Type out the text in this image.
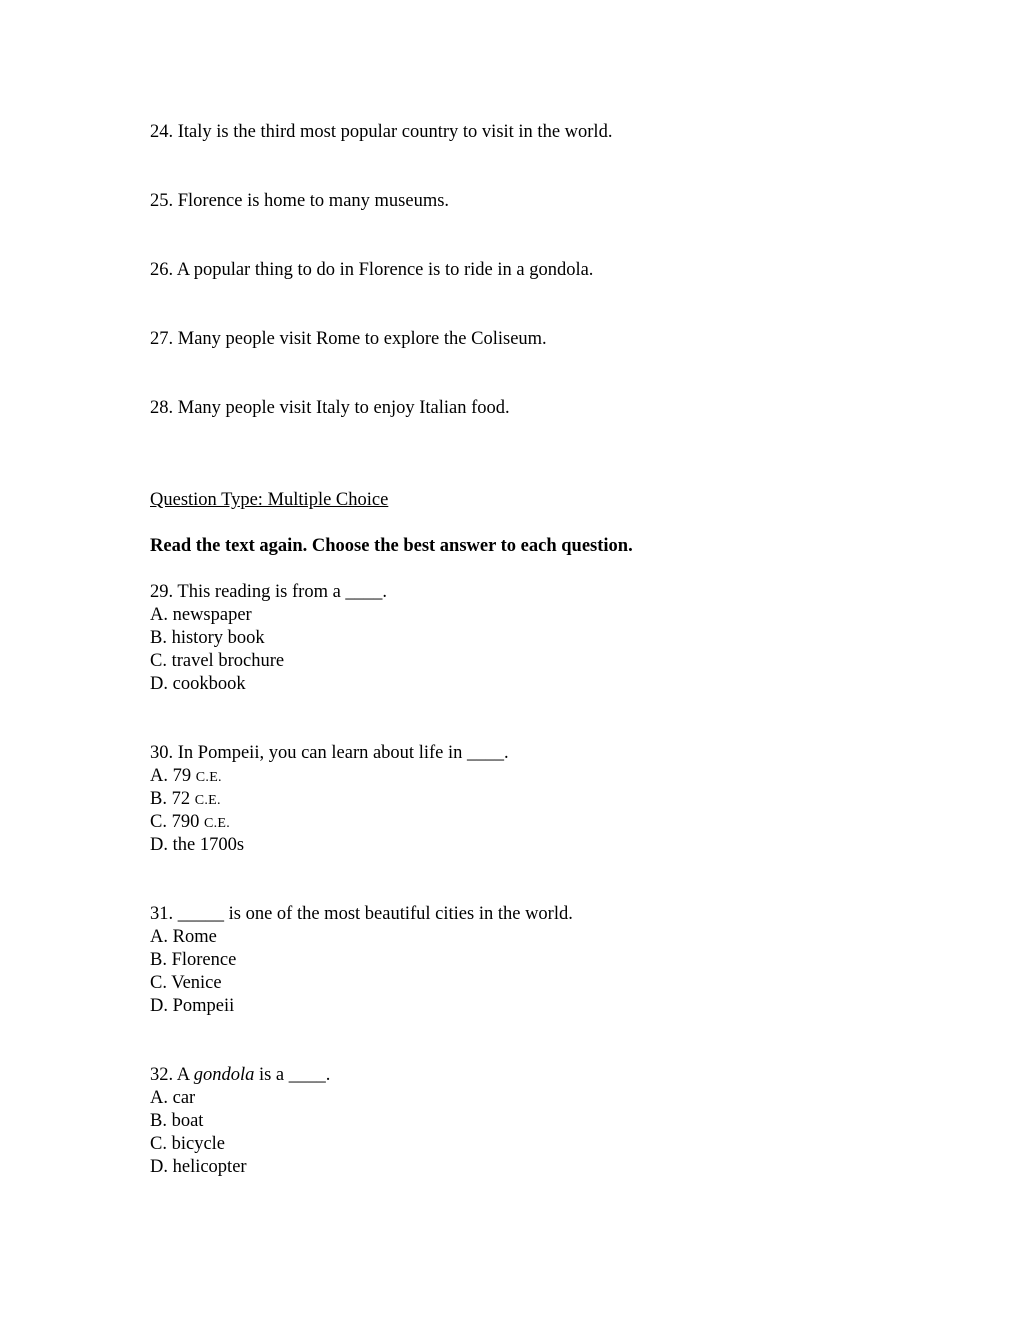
24. Italy is the third most popular country to visit in the world.
25. Florence is home to many museums.
26. A popular thing to do in Florence is to ride in a gondola.
27. Many people visit Rome to explore the Coliseum.
28. Many people visit Italy to enjoy Italian food.
Question Type: Multiple Choice
Read the text again. Choose the best answer to each question.
29. This reading is from a ____.
A. newspaper
B. history book
C. travel brochure
D. cookbook
30. In Pompeii, you can learn about life in ____.
A. 79 C.E.
B. 72 C.E.
C. 790 C.E.
D. the 1700s
31. _____ is one of the most beautiful cities in the world.
A. Rome
B. Florence
C. Venice
D. Pompeii
32. A gondola is a ____.
A. car
B. boat
C. bicycle
D. helicopter
